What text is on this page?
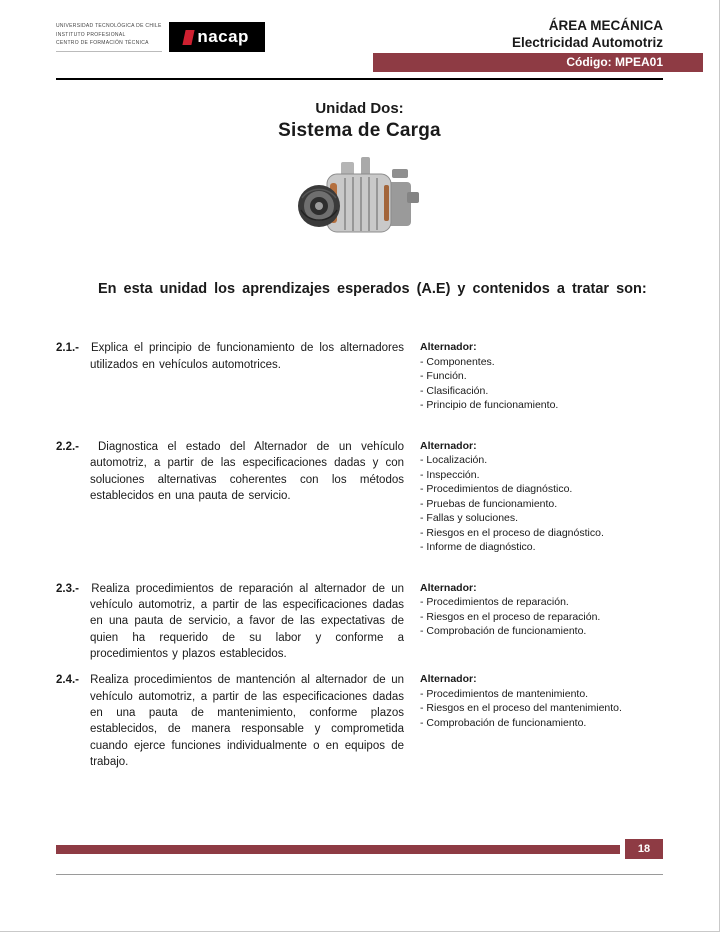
UNIVERSIDAD TECNOLÓGICA DE CHILE
INSTITUTO PROFESIONAL
CENTRO DE FORMACIÓN TÉCNICA	nacap
ÁREA MECÁNICA
Electricidad Automotriz
Código: MPEA01
Unidad Dos:
Sistema de Carga

En esta unidad los aprendizajes esperados (A.E) y contenidos a tratar son:

2.1.-  Explica el principio de funcionamiento de los alternadores utilizados en vehículos automotrices.
Alternador:
- Componentes.
- Función.
- Clasificación.
- Principio de funcionamiento.
2.2.-  Diagnostica el estado del Alternador de un vehículo automotriz, a partir de las especificaciones dadas y con soluciones alternativas coherentes con los métodos establecidos en una pauta de servicio.
Alternador:
- Localización.
- Inspección.
- Procedimientos de diagnóstico.
- Pruebas de funcionamiento.
- Fallas y soluciones.
- Riesgos en el proceso de diagnóstico.
- Informe de diagnóstico.
2.3.-  Realiza procedimientos de reparación al alternador de un vehículo automotriz, a partir de las especificaciones dadas en una pauta de servicio, a favor de las expectativas de quien ha requerido de su labor y conforme a procedimientos y plazos establecidos.
Alternador:
- Procedimientos de reparación.
- Riesgos en el proceso de reparación.
- Comprobación de funcionamiento.
2.4.-  Realiza procedimientos de mantención al alternador de un vehículo automotriz, a partir de las especificaciones dadas en una pauta de mantenimiento, conforme plazos establecidos, de manera responsable y comprometida cuando ejerce funciones individualmente o en equipos de trabajo.
Alternador:
- Procedimientos de mantenimiento.
- Riesgos en el proceso del mantenimiento.
- Comprobación de funcionamiento.
18
